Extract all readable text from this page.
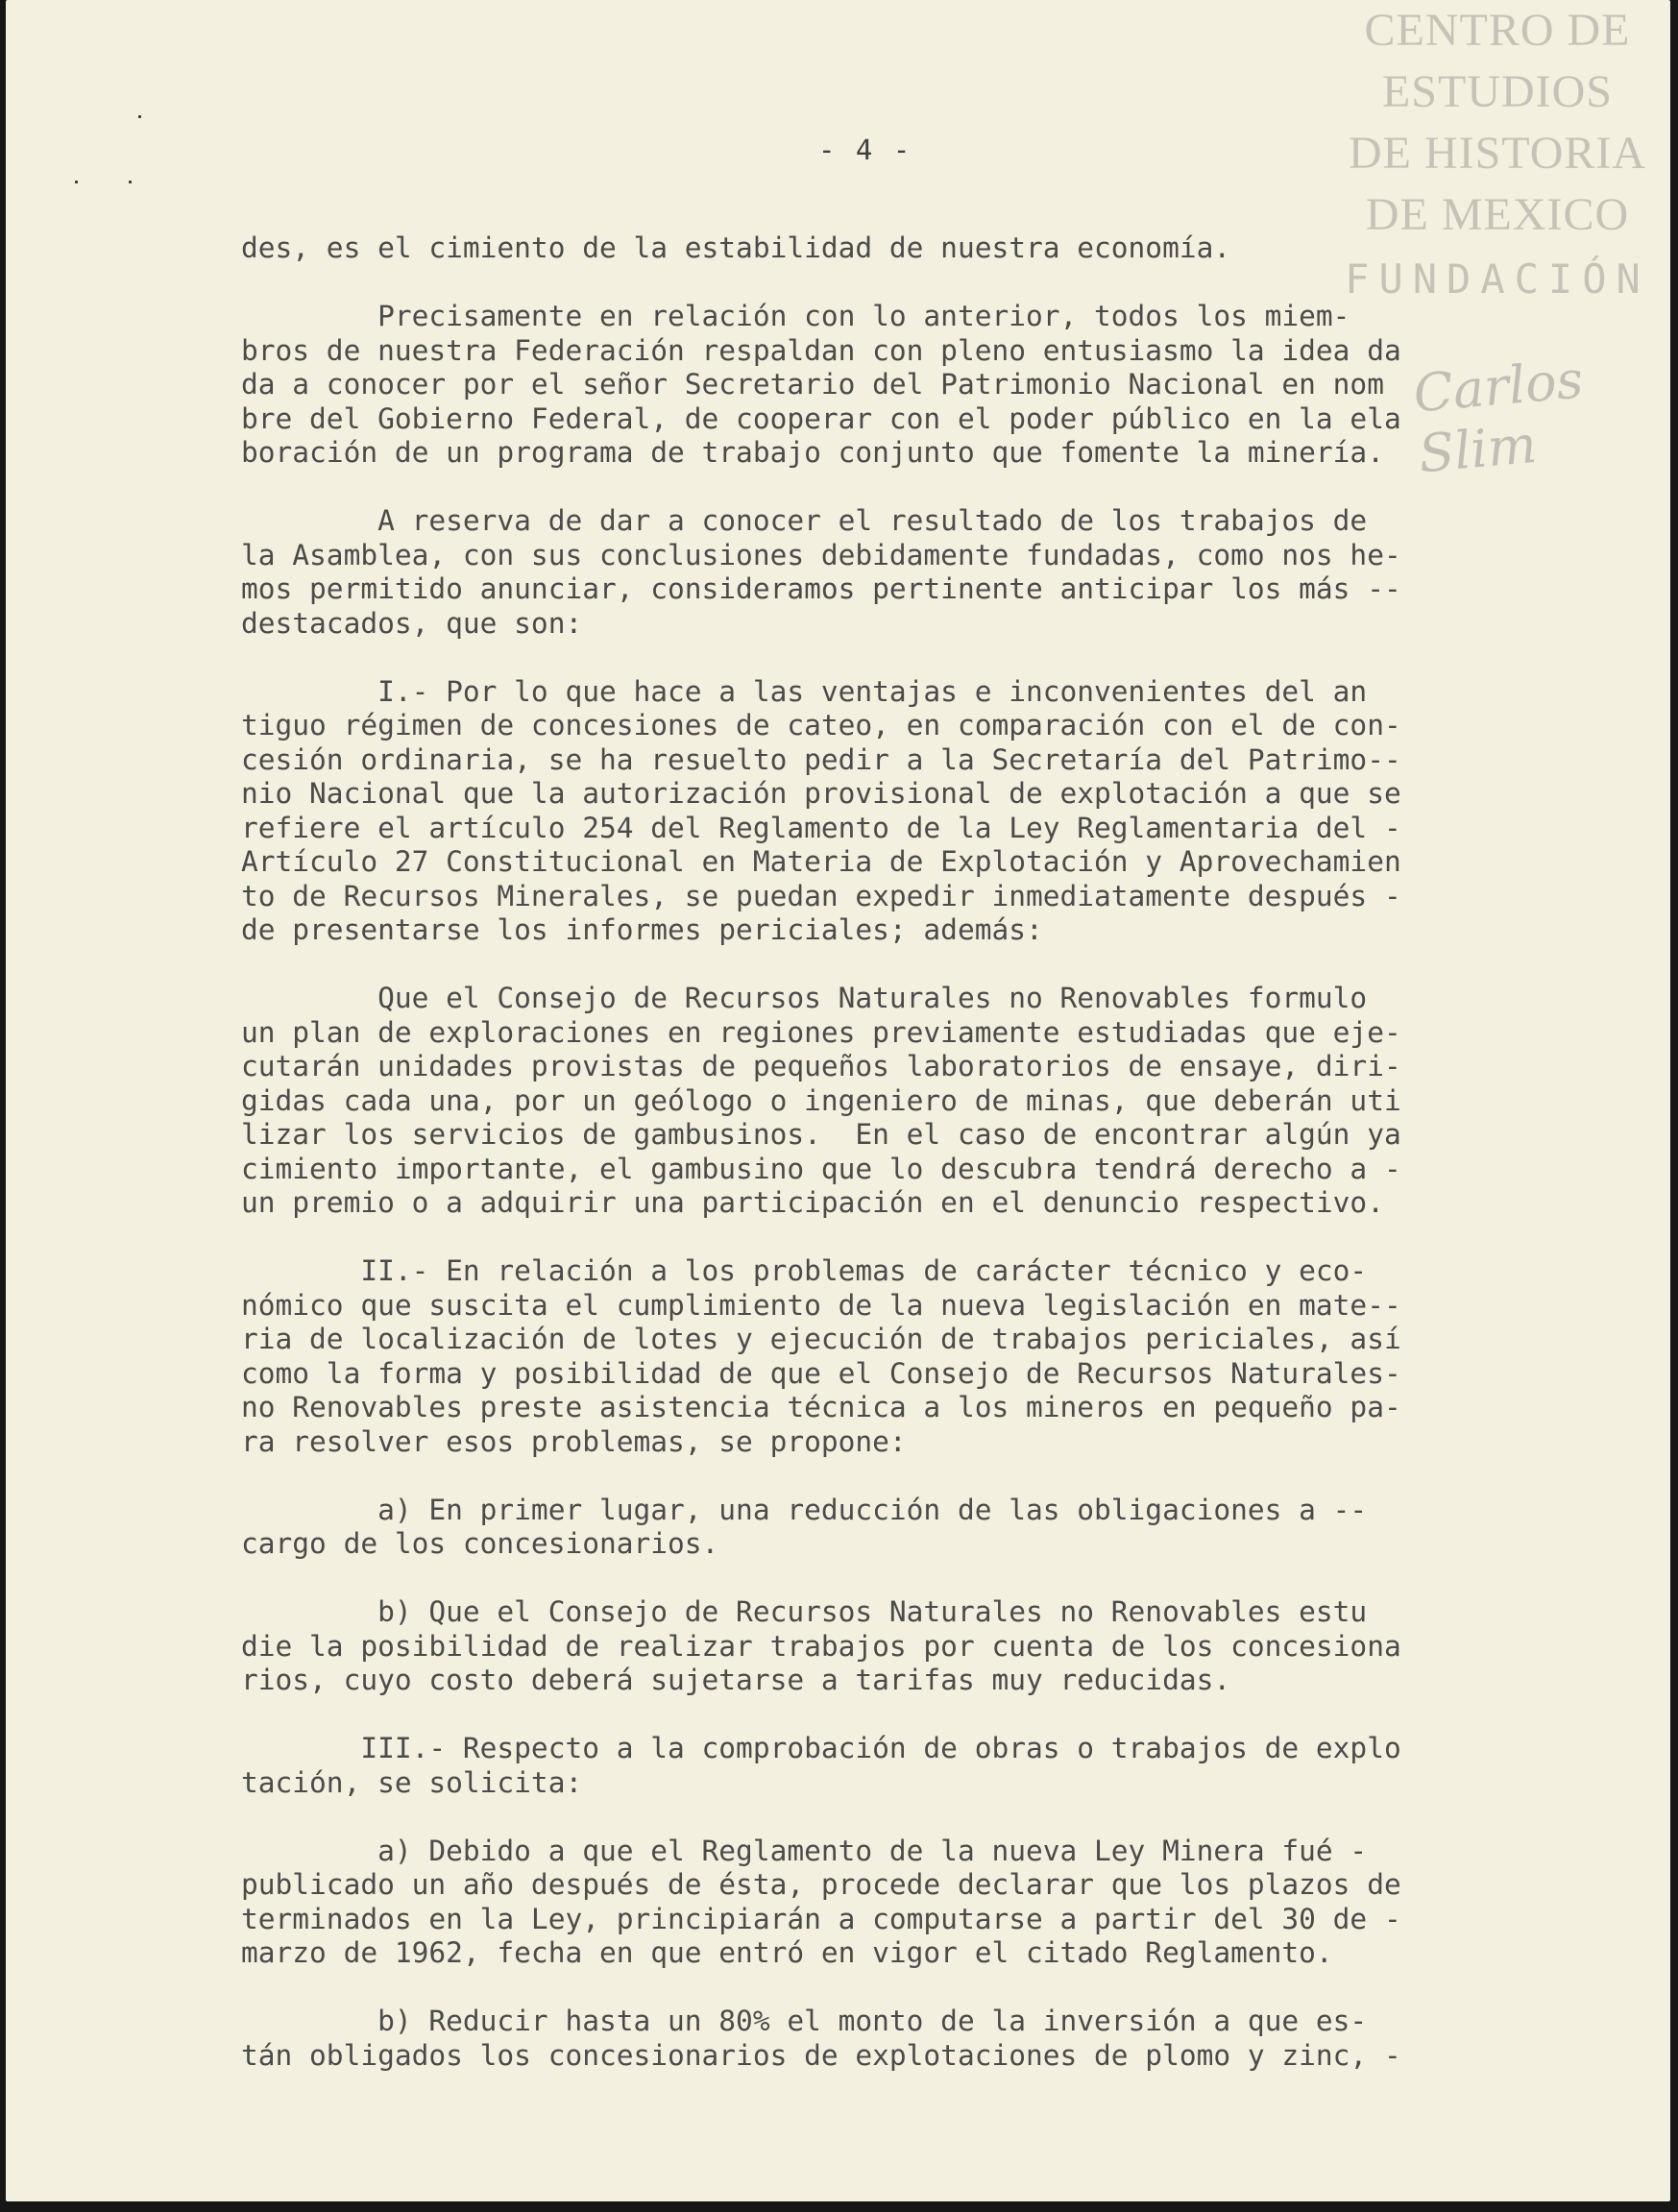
CENTRO DE
ESTUDIOS
DE HISTORIA
DE MEXICO
FUNDACIÓN
Carlos Slim
- 4 -

des, es el cimiento de la estabilidad de nuestra economía.

Precisamente en relación con lo anterior, todos los miem-

bros de nuestra Federación respaldan con pleno entusiasmo la idea da

da a conocer por el señor Secretario del Patrimonio Nacional en nom

bre del Gobierno Federal, de cooperar con el poder público en la ela

boración de un programa de trabajo conjunto que fomente la minería.

A reserva de dar a conocer el resultado de los trabajos de

la Asamblea, con sus conclusiones debidamente fundadas, como nos he-

mos permitido anunciar, consideramos pertinente anticipar los más --

destacados, que son:

I.- Por lo que hace a las ventajas e inconvenientes del an

tiguo régimen de concesiones de cateo, en comparación con el de con-

cesión ordinaria, se ha resuelto pedir a la Secretaría del Patrimo--

nio Nacional que la autorización provisional de explotación a que se

refiere el artículo 254 del Reglamento de la Ley Reglamentaria del -

Artículo 27 Constitucional en Materia de Explotación y Aprovechamien

to de Recursos Minerales, se puedan expedir inmediatamente después -

de presentarse los informes periciales; además:

Que el Consejo de Recursos Naturales no Renovables formulo

un plan de exploraciones en regiones previamente estudiadas que eje-

cutarán unidades provistas de pequeños laboratorios de ensaye, diri-

gidas cada una, por un geólogo o ingeniero de minas, que deberán uti

lizar los servicios de gambusinos.  En el caso de encontrar algún ya

cimiento importante, el gambusino que lo descubra tendrá derecho a -

un premio o a adquirir una participación en el denuncio respectivo.

II.- En relación a los problemas de carácter técnico y eco-

nómico que suscita el cumplimiento de la nueva legislación en mate--

ria de localización de lotes y ejecución de trabajos periciales, así

como la forma y posibilidad de que el Consejo de Recursos Naturales-

no Renovables preste asistencia técnica a los mineros en pequeño pa-

ra resolver esos problemas, se propone:

a) En primer lugar, una reducción de las obligaciones a --

cargo de los concesionarios.

b) Que el Consejo de Recursos Naturales no Renovables estu

die la posibilidad de realizar trabajos por cuenta de los concesiona

rios, cuyo costo deberá sujetarse a tarifas muy reducidas.

III.- Respecto a la comprobación de obras o trabajos de explo

tación, se solicita:

a) Debido a que el Reglamento de la nueva Ley Minera fué -

publicado un año después de ésta, procede declarar que los plazos de

terminados en la Ley, principiarán a computarse a partir del 30 de -

marzo de 1962, fecha en que entró en vigor el citado Reglamento.

b) Reducir hasta un 80% el monto de la inversión a que es-

tán obligados los concesionarios de explotaciones de plomo y zinc, -
